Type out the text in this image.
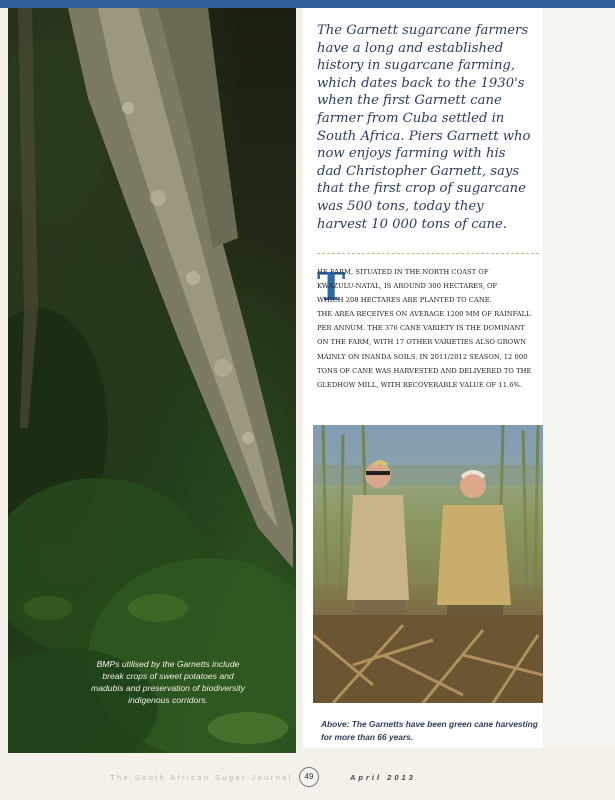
BMPs utilised by the Garnetts include
break crops of sweet potatoes and
madubis and preservation of biodiversity
indigenous corridors.
The Garnett sugarcane farmers
have a long and established
history in sugarcane farming,
which dates back to the 1930's
when the first Garnett cane
farmer from Cuba settled in
South Africa. Piers Garnett who
now enjoys farming with his
dad Christopher Garnett, says
that the first crop of sugarcane
was 500 tons, today they
harvest 10 000 tons of cane.
T
HE FARM, SITUATED IN THE NORTH COAST OF
KWAZULU-NATAL, IS AROUND 300 HECTARES, OF
WHICH 208 HECTARES ARE PLANTED TO CANE.
THE AREA RECEIVES ON AVERAGE 1200 MM OF RAINFALL
PER ANNUM. THE 376 CANE VARIETY IS THE DOMINANT
ON THE FARM, WITH 17 OTHER VARIETIES ALSO GROWN
MAINLY ON INANDA SOILS. IN 2011/2012 SEASON, 12 000
TONS OF CANE WAS HARVESTED AND DELIVERED TO THE
GLEDHOW MILL, WITH RECOVERABLE VALUE OF 11.6%.
Above: The Garnetts have been green cane harvesting
for more than 66 years.
The South African Sugar Journal	49	April 2013
